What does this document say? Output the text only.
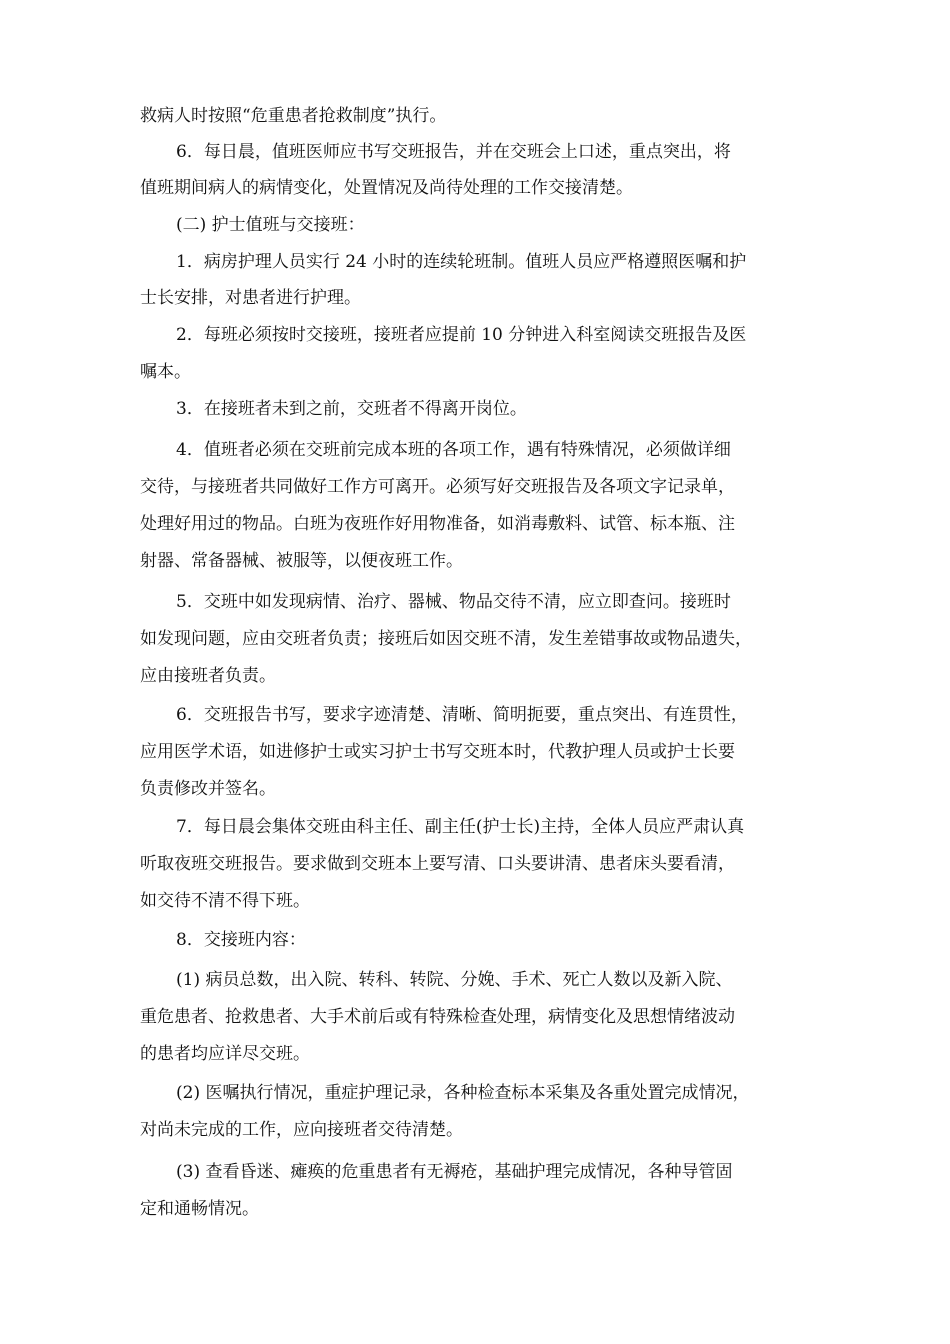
救病人时按照“危重患者抢救制度”执行。
6．每日晨，值班医师应书写交班报告，并在交班会上口述，重点突出，将
值班期间病人的病情变化，处置情况及尚待处理的工作交接清楚。
(二) 护士值班与交接班：
1．病房护理人员实行 24 小时的连续轮班制。值班人员应严格遵照医嘱和护
士长安排，对患者进行护理。
2．每班必须按时交接班，接班者应提前 10 分钟进入科室阅读交班报告及医
嘱本。
3．在接班者未到之前，交班者不得离开岗位。
4．值班者必须在交班前完成本班的各项工作，遇有特殊情况，必须做详细
交待，与接班者共同做好工作方可离开。必须写好交班报告及各项文字记录单，
处理好用过的物品。白班为夜班作好用物准备，如消毒敷料、试管、标本瓶、注
射器、常备器械、被服等，以便夜班工作。
5．交班中如发现病情、治疗、器械、物品交待不清，应立即查问。接班时
如发现问题，应由交班者负责；接班后如因交班不清，发生差错事故或物品遗失，
应由接班者负责。
6．交班报告书写，要求字迹清楚、清晰、简明扼要，重点突出、有连贯性，
应用医学术语，如进修护士或实习护士书写交班本时，代教护理人员或护士长要
负责修改并签名。
7．每日晨会集体交班由科主任、副主任(护士长)主持，全体人员应严肃认真
听取夜班交班报告。要求做到交班本上要写清、口头要讲清、患者床头要看清，
如交待不清不得下班。
8．交接班内容：
(1) 病员总数，出入院、转科、转院、分娩、手术、死亡人数以及新入院、
重危患者、抢救患者、大手术前后或有特殊检查处理，病情变化及思想情绪波动
的患者均应详尽交班。
(2) 医嘱执行情况，重症护理记录，各种检查标本采集及各重处置完成情况，
对尚未完成的工作，应向接班者交待清楚。
(3) 查看昏迷、瘫痪的危重患者有无褥疮，基础护理完成情况，各种导管固
定和通畅情况。
